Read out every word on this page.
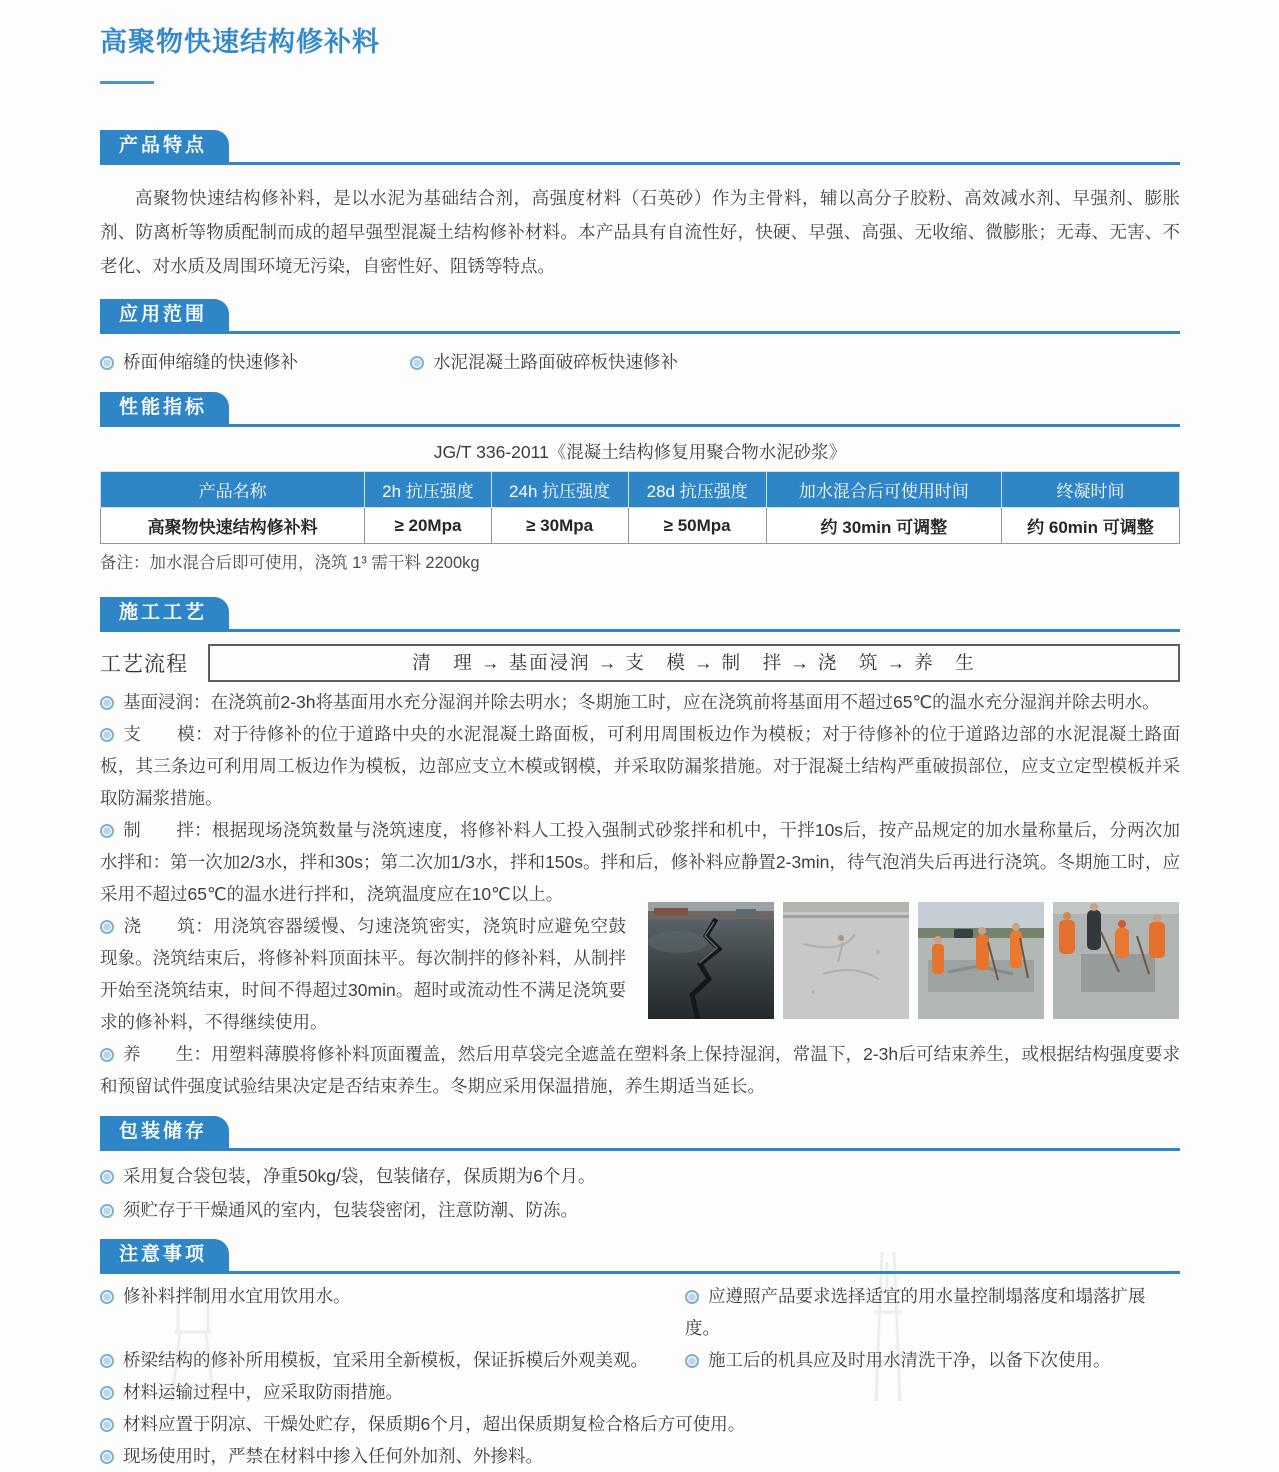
高聚物快速结构修补料
产品特点

高聚物快速结构修补料，是以水泥为基础结合剂，高强度材料（石英砂）作为主骨料，辅以高分子胶粉、高效减水剂、早强剂、膨胀剂、防离析等物质配制而成的超早强型混凝土结构修补材料。本产品具有自流性好，快硬、早强、高强、无收缩、微膨胀；无毒、无害、不老化、对水质及周围环境无污染，自密性好、阻锈等特点。

应用范围

桥面伸缩缝的快速修补	水泥混凝土路面破碎板快速修补

性能指标
JG/T 336-2011《混凝土结构修复用聚合物水泥砂浆》
产品名称	2h 抗压强度	24h 抗压强度	28d 抗压强度	加水混合后可使用时间	终凝时间
高聚物快速结构修补料	≥ 20Mpa	≥ 30Mpa	≥ 50Mpa	约 30min 可调整	约 60min 可调整
备注：加水混合后即可使用，浇筑 1³ 需干料 2200kg
施工工艺
工艺流程	清　理 → 基面浸润 → 支　模 → 制　拌 → 浇　筑 → 养　生

基面浸润：在浇筑前2-3h将基面用水充分湿润并除去明水；冬期施工时，应在浇筑前将基面用不超过65℃的温水充分湿润并除去明水。

支　　模：对于待修补的位于道路中央的水泥混凝土路面板，可利用周围板边作为模板；对于待修补的位于道路边部的水泥混凝土路面板，其三条边可利用周工板边作为模板，边部应支立木模或钢模，并采取防漏浆措施。对于混凝土结构严重破损部位，应支立定型模板并采取防漏浆措施。

制　　拌：根据现场浇筑数量与浇筑速度，将修补料人工投入强制式砂浆拌和机中，干拌10s后，按产品规定的加水量称量后，分两次加水拌和：第一次加2/3水，拌和30s；第二次加1/3水，拌和150s。拌和后，修补料应静置2-3min，待气泡消失后再进行浇筑。冬期施工时，应采用不超过65℃的温水进行拌和，浇筑温度应在10℃以上。

浇　　筑：用浇筑容器缓慢、匀速浇筑密实，浇筑时应避免空鼓现象。浇筑结束后，将修补料顶面抹平。每次制拌的修补料，从制拌开始至浇筑结束，时间不得超过30min。超时或流动性不满足浇筑要求的修补料，不得继续使用。

养　　生：用塑料薄膜将修补料顶面覆盖，然后用草袋完全遮盖在塑料条上保持湿润，常温下，2-3h后可结束养生，或根据结构强度要求和预留试件强度试验结果决定是否结束养生。冬期应采用保温措施，养生期适当延长。

包装储存

采用复合袋包装，净重50kg/袋，包装储存，保质期为6个月。

须贮存于干燥通风的室内，包装袋密闭，注意防潮、防冻。

注意事项

修补料拌制用水宜用饮用水。	应遵照产品要求选择适宜的用水量控制塌落度和塌落扩展度。

桥梁结构的修补所用模板，宜采用全新模板，保证拆模后外观美观。	施工后的机具应及时用水清洗干净，以备下次使用。

材料运输过程中，应采取防雨措施。

材料应置于阴凉、干燥处贮存，保质期6个月，超出保质期复检合格后方可使用。

现场使用时，严禁在材料中掺入任何外加剂、外掺料。
